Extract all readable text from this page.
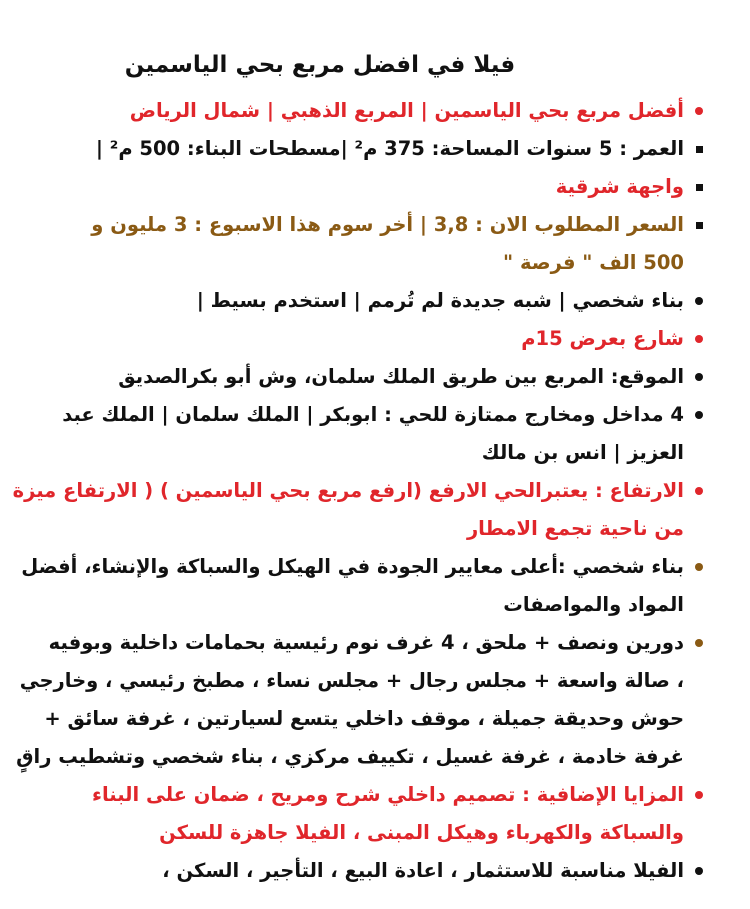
فيلا في افضل مربع بحي الياسمين
أفضل مربع بحي الياسمين | المربع الذهبي | شمال الرياض
العمر : 5 سنوات المساحة: 375 م² |مسطحات البناء: 500 م² |
واجهة شرقية
السعر المطلوب الان : 3,8 | أخر سوم هذا الاسبوع : 3 مليون و
500 الف " فرصة "
بناء شخصي | شبه جديدة لم تُرمم | استخدم بسيط |
شارع بعرض 15م
الموقع: المربع بين طريق الملك سلمان، وش أبو بكرالصديق
4 مداخل ومخارج ممتازة للحي : ابوبكر | الملك سلمان | الملك عبد
العزيز | انس بن مالك
الارتفاع : يعتبرالحي الارفع (ارفع مربع بحي الياسمين ) ( الارتفاع ميزة
من ناحية تجمع الامطار
بناء شخصي :أعلى معايير الجودة في الهيكل والسباكة والإنشاء، أفضل
المواد والمواصفات
دورين ونصف + ملحق ، 4 غرف نوم رئيسية بحمامات داخلية وبوفيه
، صالة واسعة + مجلس رجال + مجلس نساء ، مطبخ رئيسي ، وخارجي
حوش وحديقة جميلة ، موقف داخلي يتسع لسيارتين ، غرفة سائق +
غرفة خادمة ، غرفة غسيل ، تكييف مركزي ، بناء شخصي وتشطيب راقٍ
المزايا الإضافية : تصميم داخلي شرح ومريح ، ضمان على البناء
والسباكة والكهرباء وهيكل المبنى ، الفيلا جاهزة للسكن
الفيلا مناسبة للاستثمار ، اعادة البيع ، التأجير ، السكن ،
